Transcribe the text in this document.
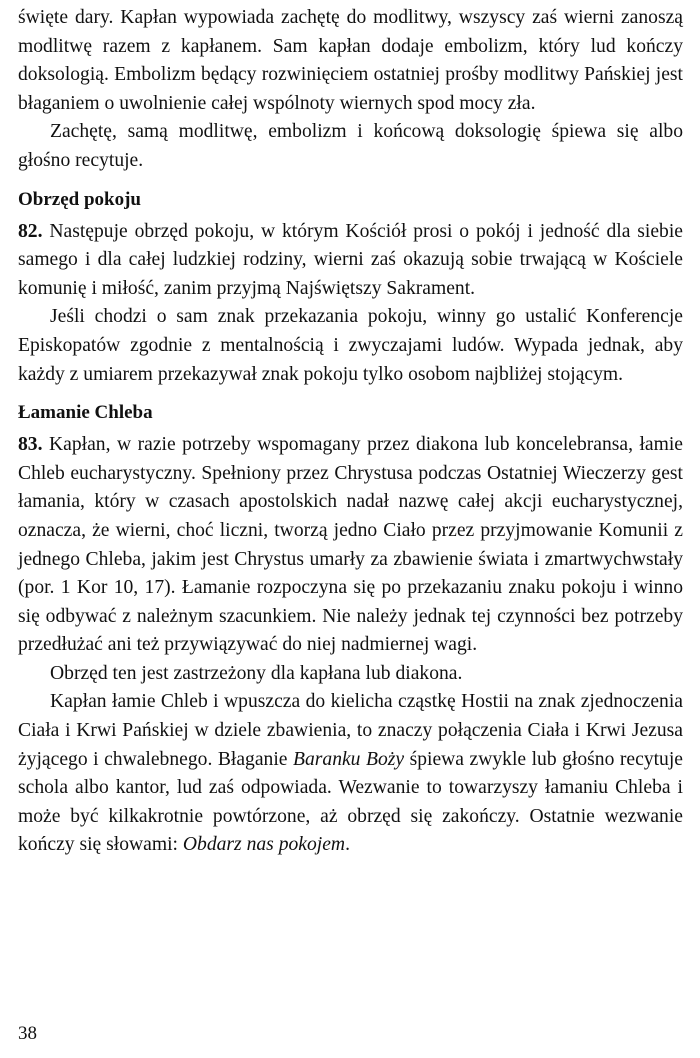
święte dary. Kapłan wypowiada zachętę do modlitwy, wszyscy zaś wierni zanoszą modlitwę razem z kapłanem. Sam kapłan dodaje embolizm, który lud kończy doksologią. Embolizm będący rozwinięciem ostatniej prośby modlitwy Pańskiej jest błaganiem o uwolnienie całej wspólnoty wiernych spod mocy zła.

Zachętę, samą modlitwę, embolizm i końcową doksologię śpiewa się albo głośno recytuje.

Obrzęd pokoju

82. Następuje obrzęd pokoju, w którym Kościół prosi o pokój i jedność dla siebie samego i dla całej ludzkiej rodziny, wierni zaś okazują sobie trwającą w Kościele komunię i miłość, zanim przyjmą Najświętszy Sakrament.

Jeśli chodzi o sam znak przekazania pokoju, winny go ustalić Konferencje Episkopatów zgodnie z mentalnością i zwyczajami ludów. Wypada jednak, aby każdy z umiarem przekazywał znak pokoju tylko osobom najbliżej stojącym.

Łamanie Chleba

83. Kapłan, w razie potrzeby wspomagany przez diakona lub koncelebransa, łamie Chleb eucharystyczny. Spełniony przez Chrystusa podczas Ostatniej Wieczerzy gest łamania, który w czasach apostolskich nadał nazwę całej akcji eucharystycznej, oznacza, że wierni, choć liczni, tworzą jedno Ciało przez przyjmowanie Komunii z jednego Chleba, jakim jest Chrystus umarły za zbawienie świata i zmartwychwstały (por. 1 Kor 10, 17). Łamanie rozpoczyna się po przekazaniu znaku pokoju i winno się odbywać z należnym szacunkiem. Nie należy jednak tej czynności bez potrzeby przedłużać ani też przywiązywać do niej nadmiernej wagi.

Obrzęd ten jest zastrzeżony dla kapłana lub diakona.

Kapłan łamie Chleb i wpuszcza do kielicha cząstkę Hostii na znak zjednoczenia Ciała i Krwi Pańskiej w dziele zbawienia, to znaczy połączenia Ciała i Krwi Jezusa żyjącego i chwalebnego. Błaganie Baranku Boży śpiewa zwykle lub głośno recytuje schola albo kantor, lud zaś odpowiada. Wezwanie to towarzyszy łamaniu Chleba i może być kilkakrotnie powtórzone, aż obrzęd się zakończy. Ostatnie wezwanie kończy się słowami: Obdarz nas pokojem.

38
